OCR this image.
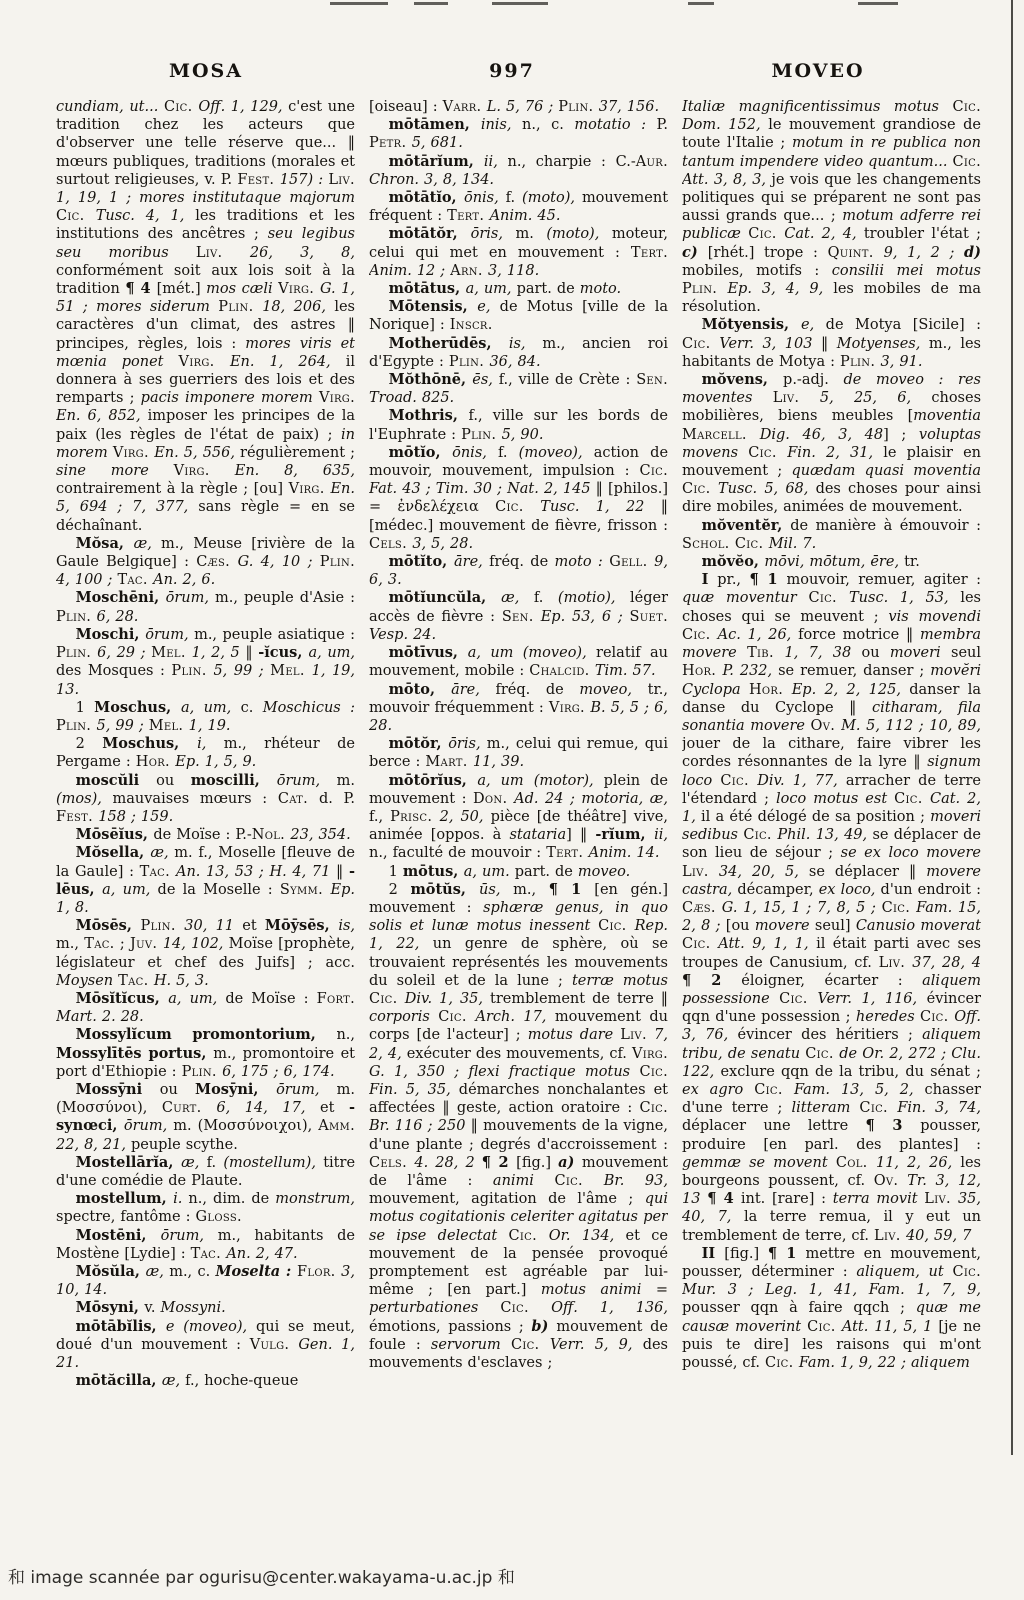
MOSA	997	MOVEO

cundiam, ut... Cic. Off. 1, 129, c'est une tradition chez les acteurs que d'observer une telle réserve que... ‖ mœurs publiques, traditions (morales et surtout religieuses, v. P. Fest. 157) : Liv. 1, 19, 1 ; mores institutaque majorum Cic. Tusc. 4, 1, les traditions et les institutions des ancêtres ; seu legibus seu moribus Liv. 26, 3, 8, conformément soit aux lois soit à la tradition ¶ 4 [mét.] mos cæli Virg. G. 1, 51 ; mores siderum Plin. 18, 206, les caractères d'un climat, des astres ‖ principes, règles, lois : mores viris et mœnia ponet Virg. En. 1, 264, il donnera à ses guerriers des lois et des remparts ; pacis imponere morem Virg. En. 6, 852, imposer les principes de la paix (les règles de l'état de paix) ; in morem Virg. En. 5, 556, régulièrement ; sine more Virg. En. 8, 635, contrairement à la règle ; [ou] Virg. En. 5, 694 ; 7, 377, sans règle = en se déchaînant.

Mŏsa, æ, m., Meuse [rivière de la Gaule Belgique] : Cæs. G. 4, 10 ; Plin. 4, 100 ; Tac. An. 2, 6.

Moschēni, ōrum, m., peuple d'Asie : Plin. 6, 28.

Moschi, ōrum, m., peuple asiatique : Plin. 6, 29 ; Mel. 1, 2, 5 ‖ -ĭcus, a, um, des Mosques : Plin. 5, 99 ; Mel. 1, 19, 13.

1 Moschus, a, um, c. Moschicus : Plin. 5, 99 ; Mel. 1, 19.

2 Moschus, i, m., rhéteur de Pergame : Hor. Ep. 1, 5, 9.

moscŭli ou moscilli, ōrum, m. (mos), mauvaises mœurs : Cat. d. P. Fest. 158 ; 159.

Mōsēĭus, de Moïse : P.-Nol. 23, 354.

Mŏsella, æ, m. f., Moselle [fleuve de la Gaule] : Tac. An. 13, 53 ; H. 4, 71 ‖ -lēus, a, um, de la Moselle : Symm. Ep. 1, 8.

Mōsēs, Plin. 30, 11 et Mōȳsēs, is, m., Tac. ; Juv. 14, 102, Moïse [prophète, législateur et chef des Juifs] ; acc. Moysen Tac. H. 5, 3.

Mōsĭtĭcus, a, um, de Moïse : Fort. Mart. 2. 28.

Mossylĭcum promontorium, n., Mossylītēs portus, m., promontoire et port d'Ethiopie : Plin. 6, 175 ; 6, 174.

Mossȳni ou Mosȳni, ōrum, m. (Μοσσύνοι), Curt. 6, 14, 17, et -synœci, ōrum, m. (Μοσσύνοιχοι), Amm. 22, 8, 21, peuple scythe.

Mostellārĭa, æ, f. (mostellum), titre d'une comédie de Plaute.

mostellum, i. n., dim. de monstrum, spectre, fantôme : Gloss.

Mostēni, ōrum, m., habitants de Mostène [Lydie] : Tac. An. 2, 47.

Mŏsŭla, æ, m., c. Moselta : Flor. 3, 10, 14.

Mōsyni, v. Mossyni.

mōtābĭlis, e (moveo), qui se meut, doué d'un mouvement : Vulg. Gen. 1, 21.

mōtăcilla, æ, f., hoche-queue

[oiseau] : Varr. L. 5, 76 ; Plin. 37, 156.

mōtāmen, inis, n., c. motatio : P. Petr. 5, 681.

mōtārĭum, ii, n., charpie : C.-Aur. Chron. 3, 8, 134.

mōtātĭo, ōnis, f. (moto), mouvement fréquent : Tert. Anim. 45.

mōtātŏr, ōris, m. (moto), moteur, celui qui met en mouvement : Tert. Anim. 12 ; Arn. 3, 118.

mōtātus, a, um, part. de moto.

Mōtensis, e, de Motus [ville de la Norique] : Inscr.

Motherūdēs, is, m., ancien roi d'Egypte : Plin. 36, 84.

Mŏthōnē, ēs, f., ville de Crète : Sen. Troad. 825.

Mothris, f., ville sur les bords de l'Euphrate : Plin. 5, 90.

mōtĭo, ōnis, f. (moveo), action de mouvoir, mouvement, impulsion : Cic. Fat. 43 ; Tim. 30 ; Nat. 2, 145 ‖ [philos.] = ἐνδελέχεια Cic. Tusc. 1, 22 ‖ [médec.] mouvement de fièvre, frisson : Cels. 3, 5, 28.

mōtĭto, āre, fréq. de moto : Gell. 9, 6, 3.

mōtĭuncŭla, æ, f. (motio), léger accès de fièvre : Sen. Ep. 53, 6 ; Suet. Vesp. 24.

mōtīvus, a, um (moveo), relatif au mouvement, mobile : Chalcid. Tim. 57.

mōto, āre, fréq. de moveo, tr., mouvoir fréquemment : Virg. B. 5, 5 ; 6, 28.

mōtŏr, ōris, m., celui qui remue, qui berce : Mart. 11, 39.

mōtōrĭus, a, um (motor), plein de mouvement : Don. Ad. 24 ; motoria, æ, f., Prisc. 2, 50, pièce [de théâtre] vive, animée [oppos. à stataria] ‖ -rĭum, ii, n., faculté de mouvoir : Tert. Anim. 14.

1 mōtus, a, um. part. de moveo.

2 mōtŭs, ūs, m., ¶ 1 [en gén.] mouvement : sphæræ genus, in quo solis et lunæ motus inessent Cic. Rep. 1, 22, un genre de sphère, où se trouvaient représentés les mouvements du soleil et de la lune ; terræ motus Cic. Div. 1, 35, tremblement de terre ‖ corporis Cic. Arch. 17, mouvement du corps [de l'acteur] ; motus dare Liv. 7, 2, 4, exécuter des mouvements, cf. Virg. G. 1, 350 ; flexi fractique motus Cic. Fin. 5, 35, démarches nonchalantes et affectées ‖ geste, action oratoire : Cic. Br. 116 ; 250 ‖ mouvements de la vigne, d'une plante ; degrés d'accroissement : Cels. 4. 28, 2 ¶ 2 [fig.] a) mouvement de l'âme : animi Cic. Br. 93, mouvement, agitation de l'âme ; qui motus cogitationis celeriter agitatus per se ipse delectat Cic. Or. 134, et ce mouvement de la pensée provoqué promptement est agréable par lui-même ; [en part.] motus animi = perturbationes Cic. Off. 1, 136, émotions, passions ; b) mouvement de foule : servorum Cic. Verr. 5, 9, des mouvements d'esclaves ;

Italiæ magnificentissimus motus Cic. Dom. 152, le mouvement grandiose de toute l'Italie ; motum in re publica non tantum impendere video quantum... Cic. Att. 3, 8, 3, je vois que les changements politiques qui se préparent ne sont pas aussi grands que... ; motum adferre rei publicæ Cic. Cat. 2, 4, troubler l'état ; c) [rhét.] trope : Quint. 9, 1, 2 ; d) mobiles, motifs : consilii mei motus Plin. Ep. 3, 4, 9, les mobiles de ma résolution.

Mŏtyensis, e, de Motya [Sicile] : Cic. Verr. 3, 103 ‖ Motyenses, m., les habitants de Motya : Plin. 3, 91.

mŏvens, p.-adj. de moveo : res moventes Liv. 5, 25, 6, choses mobilières, biens meubles [moventia Marcell. Dig. 46, 3, 48] ; voluptas movens Cic. Fin. 2, 31, le plaisir en mouvement ; quædam quasi moventia Cic. Tusc. 5, 68, des choses pour ainsi dire mobiles, animées de mouvement.

mŏventĕr, de manière à émouvoir : Schol. Cic. Mil. 7.

mŏvĕo, mōvi, mōtum, ēre, tr.

I pr., ¶ 1 mouvoir, remuer, agiter : quæ moventur Cic. Tusc. 1, 53, les choses qui se meuvent ; vis movendi Cic. Ac. 1, 26, force motrice ‖ membra movere Tib. 1, 7, 38 ou moveri seul Hor. P. 232, se remuer, danser ; movĕri Cyclopa Hor. Ep. 2, 2, 125, danser la danse du Cyclope ‖ citharam, fila sonantia movere Ov. M. 5, 112 ; 10, 89, jouer de la cithare, faire vibrer les cordes résonnantes de la lyre ‖ signum loco Cic. Div. 1, 77, arracher de terre l'étendard ; loco motus est Cic. Cat. 2, 1, il a été délogé de sa position ; moveri sedibus Cic. Phil. 13, 49, se déplacer de son lieu de séjour ; se ex loco movere Liv. 34, 20, 5, se déplacer ‖ movere castra, décamper, ex loco, d'un endroit : Cæs. G. 1, 15, 1 ; 7, 8, 5 ; Cic. Fam. 15, 2, 8 ; [ou movere seul] Canusio moverat Cic. Att. 9, 1, 1, il était parti avec ses troupes de Canusium, cf. Liv. 37, 28, 4 ¶ 2 éloigner, écarter : aliquem possessione Cic. Verr. 1, 116, évincer qqn d'une possession ; heredes Cic. Off. 3, 76, évincer des héritiers ; aliquem tribu, de senatu Cic. de Or. 2, 272 ; Clu. 122, exclure qqn de la tribu, du sénat ; ex agro Cic. Fam. 13, 5, 2, chasser d'une terre ; litteram Cic. Fin. 3, 74, déplacer une lettre ¶ 3 pousser, produire [en parl. des plantes] : gemmæ se movent Col. 11, 2, 26, les bourgeons poussent, cf. Ov. Tr. 3, 12, 13 ¶ 4 int. [rare] : terra movit Liv. 35, 40, 7, la terre remua, il y eut un tremblement de terre, cf. Liv. 40, 59, 7

II [fig.] ¶ 1 mettre en mouvement, pousser, déterminer : aliquem, ut Cic. Mur. 3 ; Leg. 1, 41, Fam. 1, 7, 9, pousser qqn à faire qqch ; quæ me causæ moverint Cic. Att. 11, 5, 1 [je ne puis te dire] les raisons qui m'ont poussé, cf. Cic. Fam. 1, 9, 22 ; aliquem

和 image scannée par ogurisu@center.wakayama-u.ac.jp 和
